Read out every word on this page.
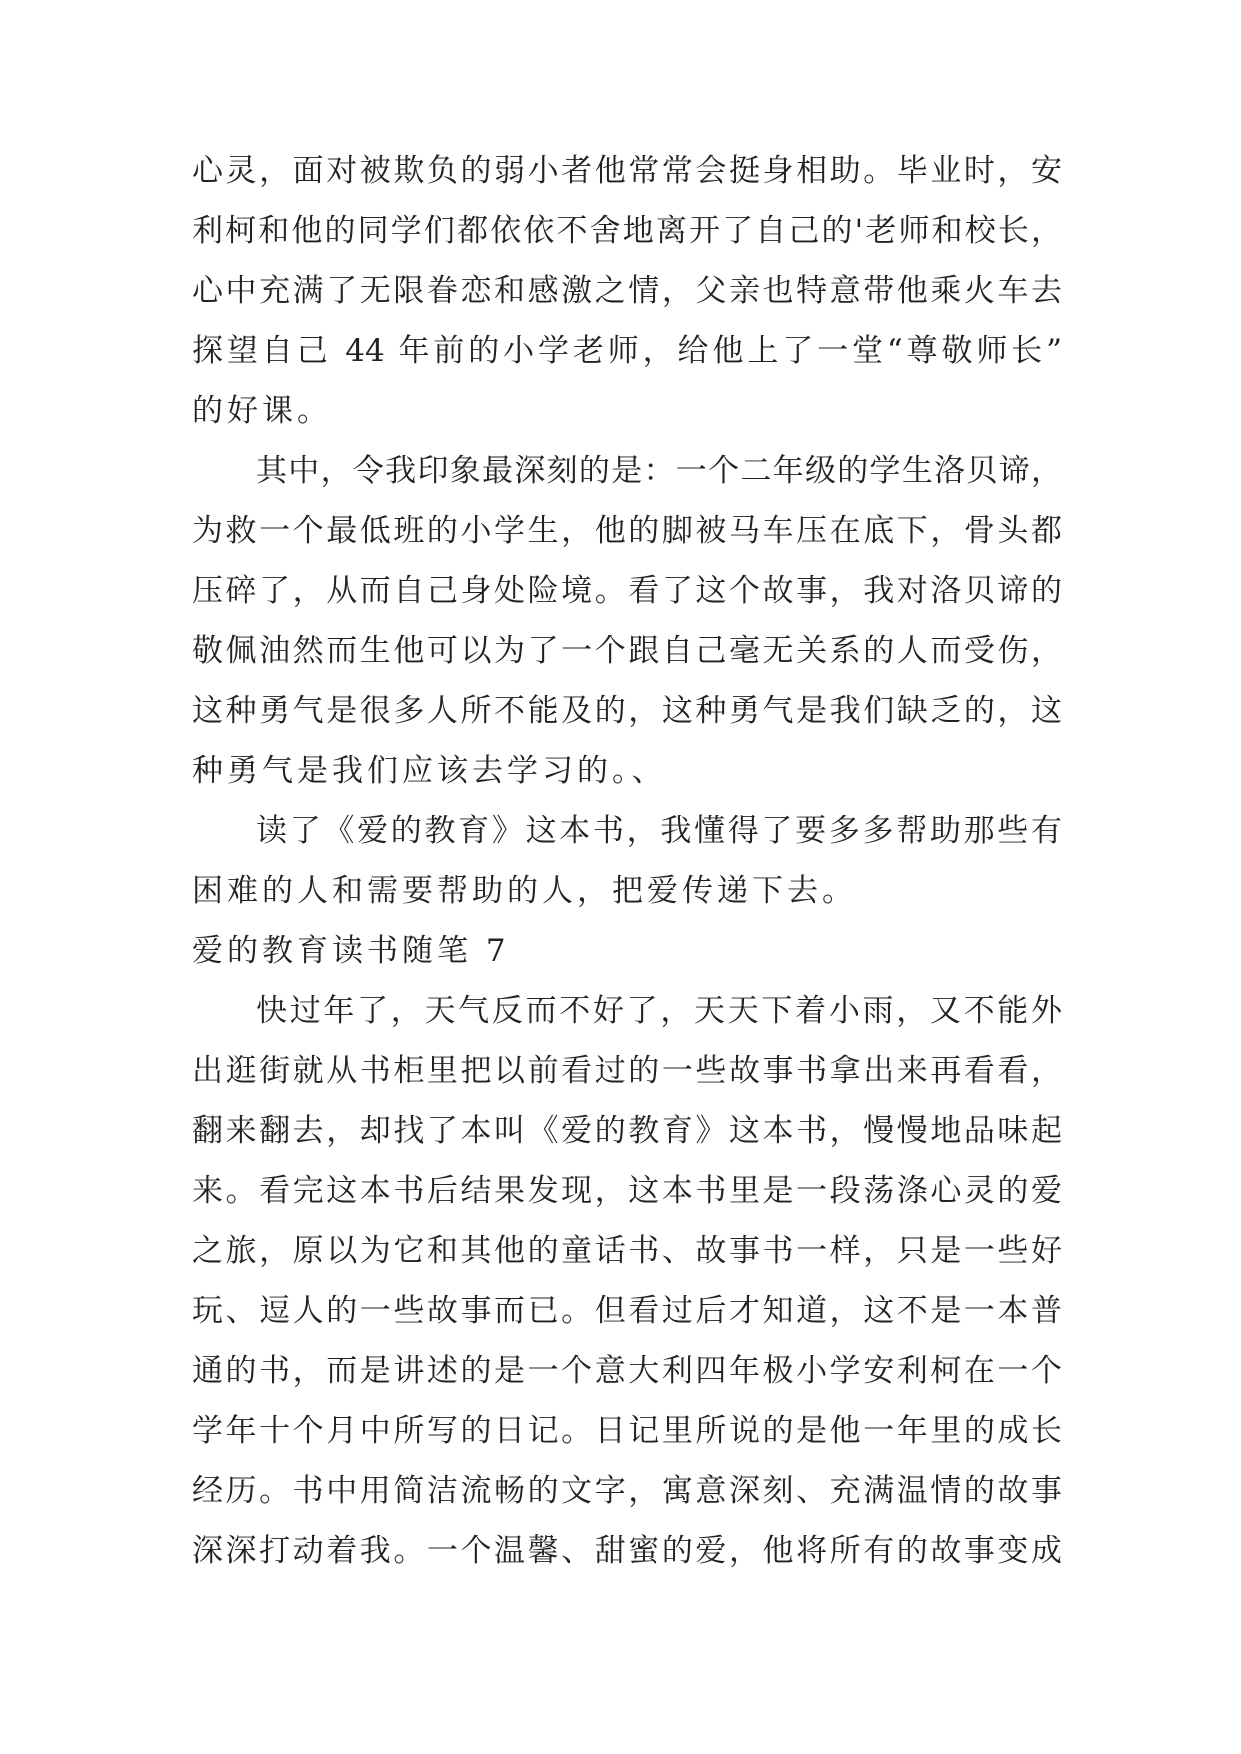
心灵，面对被欺负的弱小者他常常会挺身相助。毕业时，安
利柯和他的同学们都依依不舍地离开了自己的'老师和校长，
心中充满了无限眷恋和感激之情，父亲也特意带他乘火车去
探望自己 44 年前的小学老师，给他上了一堂“尊敬师长”
的好课。
其中，令我印象最深刻的是：一个二年级的学生洛贝谛，
为救一个最低班的小学生，他的脚被马车压在底下，骨头都
压碎了，从而自己身处险境。看了这个故事，我对洛贝谛的
敬佩油然而生他可以为了一个跟自己毫无关系的人而受伤，
这种勇气是很多人所不能及的，这种勇气是我们缺乏的，这
种勇气是我们应该去学习的。、
读了《爱的教育》这本书，我懂得了要多多帮助那些有
困难的人和需要帮助的人，把爱传递下去。
爱的教育读书随笔 7
快过年了，天气反而不好了，天天下着小雨，又不能外
出逛街就从书柜里把以前看过的一些故事书拿出来再看看，
翻来翻去，却找了本叫《爱的教育》这本书，慢慢地品味起
来。看完这本书后结果发现，这本书里是一段荡涤心灵的爱
之旅，原以为它和其他的童话书、故事书一样，只是一些好
玩、逗人的一些故事而已。但看过后才知道，这不是一本普
通的书，而是讲述的是一个意大利四年极小学安利柯在一个
学年十个月中所写的日记。日记里所说的是他一年里的成长
经历。书中用简洁流畅的文字，寓意深刻、充满温情的故事
深深打动着我。一个温馨、甜蜜的爱，他将所有的故事变成
